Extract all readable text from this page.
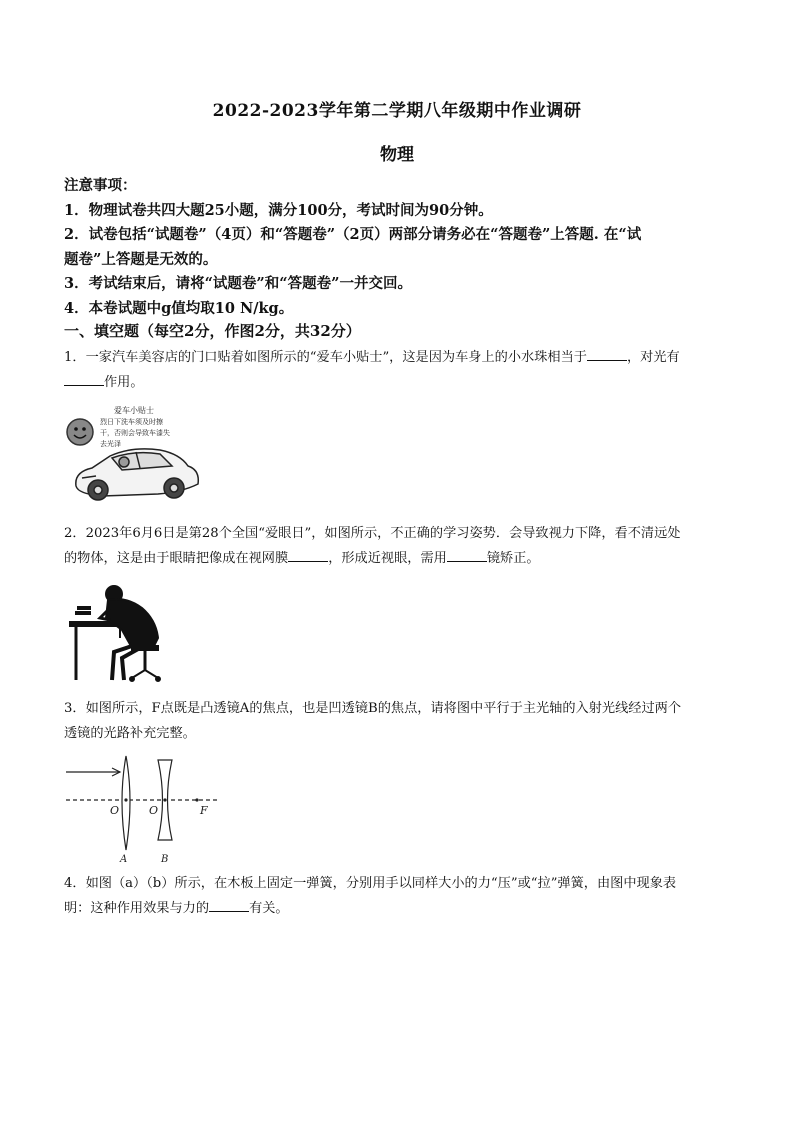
2022-2023学年第二学期八年级期中作业调研
物理

注意事项：

1．物理试卷共四大题25小题，满分100分，考试时间为90分钟。

2．试卷包括“试题卷”（4页）和“答题卷”（2页）两部分请务必在“答题卷”上答题. 在“试

题卷”上答题是无效的。

3．考试结束后，请将“试题卷”和“答题卷”一并交回。

4．本卷试题中g值均取10 N/kg。

一、填空题（每空2分，作图2分，共32分）

1．一家汽车美容店的门口贴着如图所示的“爱车小贴士”，这是因为车身上的小水珠相当于	，对光有

作用。

爱车小贴士
烈日下洗车须及时擦
干，否则会导致车漆失
去光泽

2．2023年6月6日是第28个全国“爱眼日”，如图所示，不正确的学习姿势．会导致视力下降，看不清远处

的物体，这是由于眼睛把像成在视网膜	，形成近视眼，需用	镜矫正。

3．如图所示，F点既是凸透镜A的焦点，也是凹透镜B的焦点，请将图中平行于主光轴的入射光线经过两个

透镜的光路补充完整。

O	O	F
A	B

4．如图（a）（b）所示，在木板上固定一弹簧，分别用手以同样大小的力“压”或“拉”弹簧，由图中现象表

明：这种作用效果与力的	有关。
